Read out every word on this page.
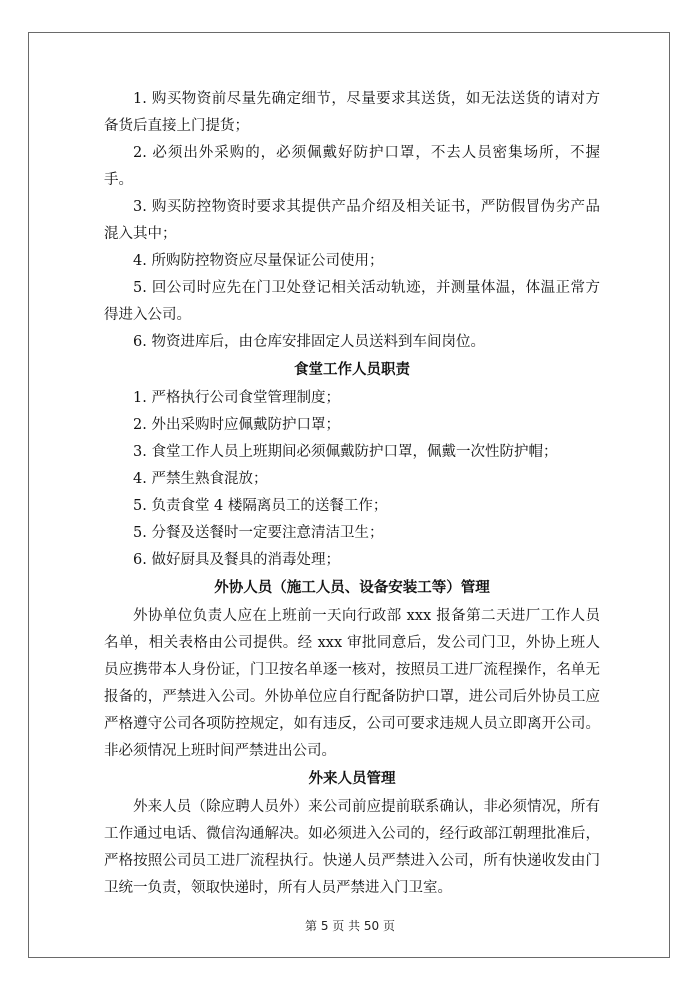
1. 购买物资前尽量先确定细节，尽量要求其送货，如无法送货的请对方备货后直接上门提货；

2. 必须出外采购的，必须佩戴好防护口罩，不去人员密集场所，不握手。

3. 购买防控物资时要求其提供产品介绍及相关证书，严防假冒伪劣产品混入其中；

4. 所购防控物资应尽量保证公司使用；

5. 回公司时应先在门卫处登记相关活动轨迹，并测量体温，体温正常方得进入公司。

6. 物资进库后，由仓库安排固定人员送料到车间岗位。

食堂工作人员职责

1. 严格执行公司食堂管理制度；

2. 外出采购时应佩戴防护口罩；

3. 食堂工作人员上班期间必须佩戴防护口罩，佩戴一次性防护帽；

4. 严禁生熟食混放；

5. 负责食堂 4 楼隔离员工的送餐工作；

5. 分餐及送餐时一定要注意清洁卫生；

6. 做好厨具及餐具的消毒处理；

外协人员（施工人员、设备安装工等）管理

外协单位负责人应在上班前一天向行政部 xxx 报备第二天进厂工作人员名单，相关表格由公司提供。经 xxx 审批同意后，发公司门卫，外协上班人员应携带本人身份证，门卫按名单逐一核对，按照员工进厂流程操作，名单无报备的，严禁进入公司。外协单位应自行配备防护口罩，进公司后外协员工应严格遵守公司各项防控规定，如有违反，公司可要求违规人员立即离开公司。非必须情况上班时间严禁进出公司。

外来人员管理

外来人员（除应聘人员外）来公司前应提前联系确认，非必须情况，所有工作通过电话、微信沟通解决。如必须进入公司的，经行政部江朝理批准后，严格按照公司员工进厂流程执行。快递人员严禁进入公司，所有快递收发由门卫统一负责，领取快递时，所有人员严禁进入门卫室。

第 5 页 共 50 页
